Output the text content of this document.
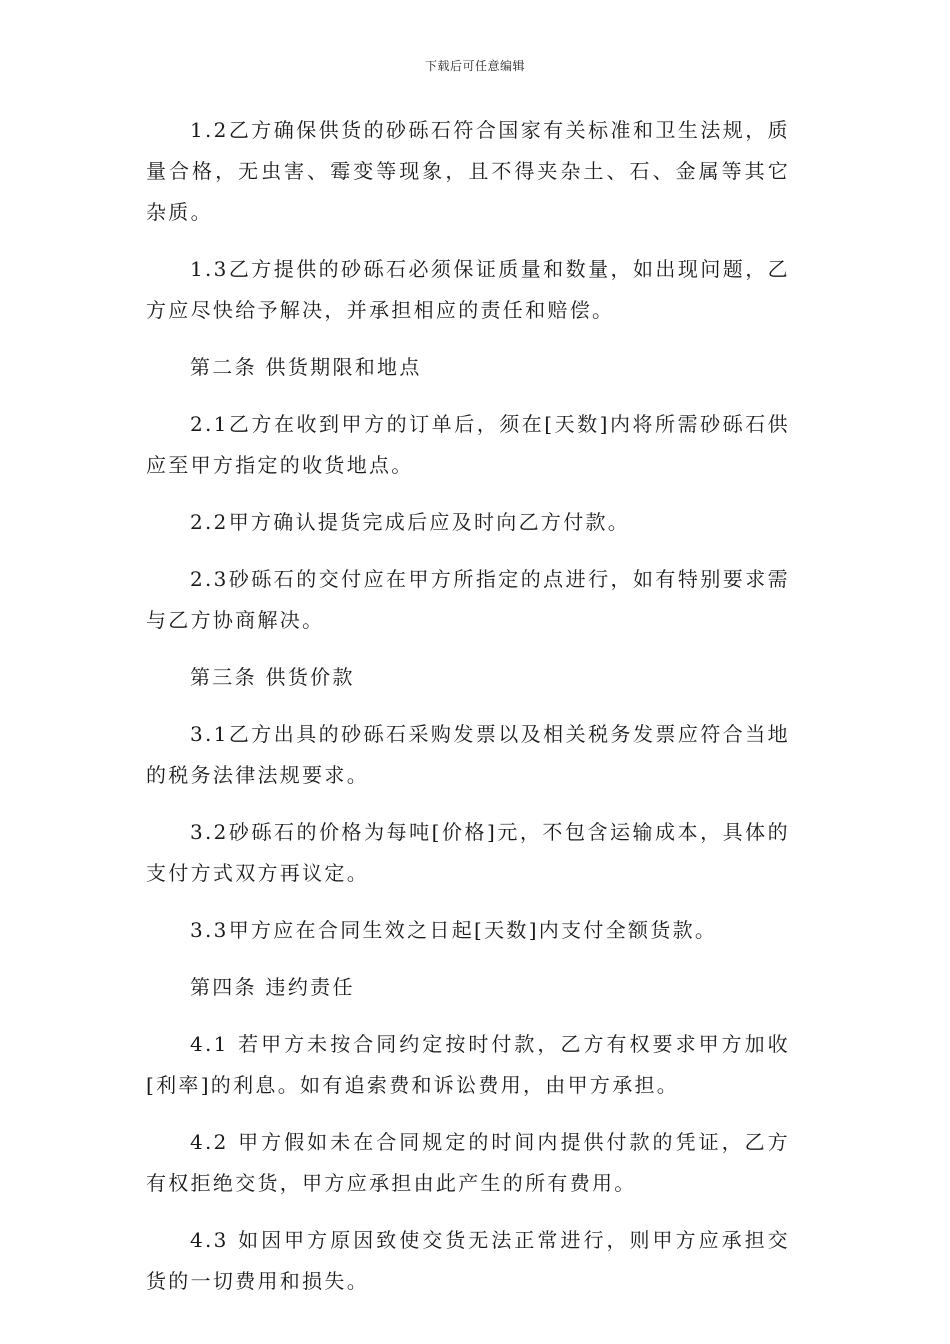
下载后可任意编辑

1.2乙方确保供货的砂砾石符合国家有关标准和卫生法规，质量合格，无虫害、霉变等现象，且不得夹杂土、石、金属等其它杂质。

1.3乙方提供的砂砾石必须保证质量和数量，如出现问题，乙方应尽快给予解决，并承担相应的责任和赔偿。

第二条 供货期限和地点

2.1乙方在收到甲方的订单后，须在[天数]内将所需砂砾石供应至甲方指定的收货地点。

2.2甲方确认提货完成后应及时向乙方付款。

2.3砂砾石的交付应在甲方所指定的点进行，如有特别要求需与乙方协商解决。

第三条 供货价款

3.1乙方出具的砂砾石采购发票以及相关税务发票应符合当地的税务法律法规要求。

3.2砂砾石的价格为每吨[价格]元，不包含运输成本，具体的支付方式双方再议定。

3.3甲方应在合同生效之日起[天数]内支付全额货款。

第四条 违约责任

4.1 若甲方未按合同约定按时付款，乙方有权要求甲方加收[利率]的利息。如有追索费和诉讼费用，由甲方承担。

4.2 甲方假如未在合同规定的时间内提供付款的凭证，乙方有权拒绝交货，甲方应承担由此产生的所有费用。

4.3 如因甲方原因致使交货无法正常进行，则甲方应承担交货的一切费用和损失。
